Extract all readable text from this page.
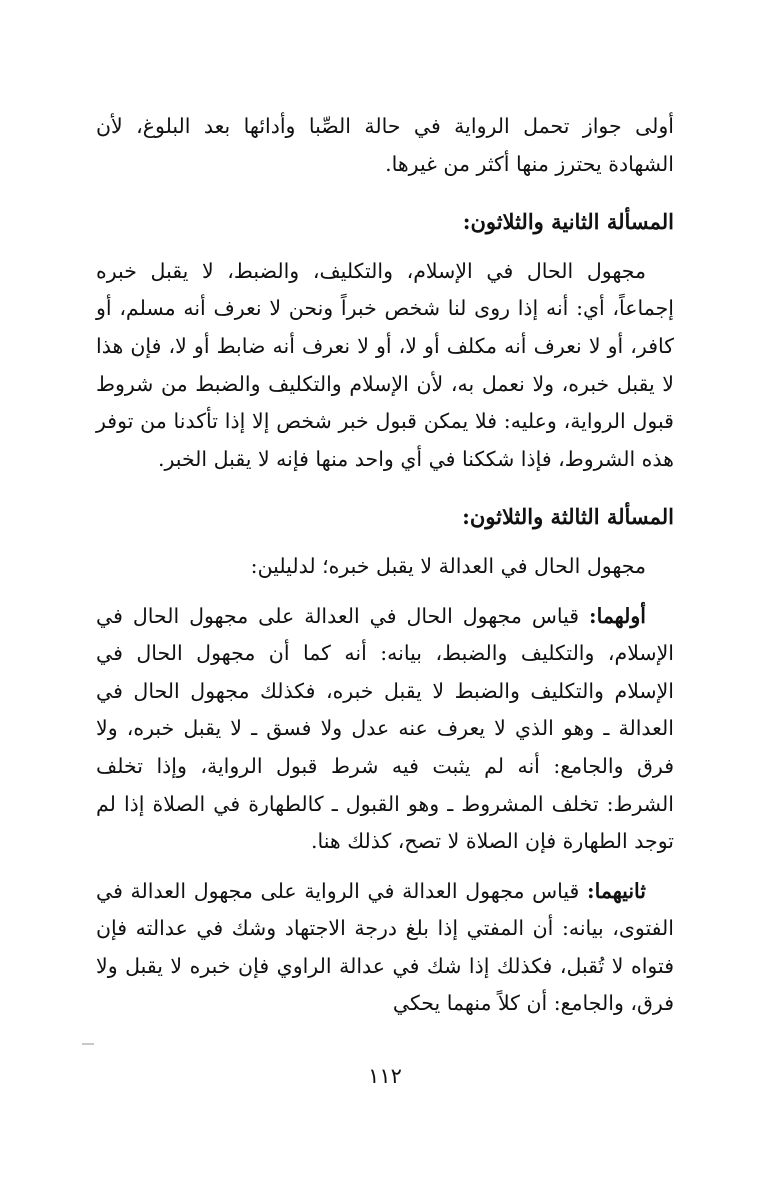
أولى جواز تحمل الرواية في حالة الصِّبا وأدائها بعد البلوغ، لأن الشهادة يحترز منها أكثر من غيرها.

المسألة الثانية والثلاثون:

مجهول الحال في الإسلام، والتكليف، والضبط، لا يقبل خبره إجماعاً، أي: أنه إذا روى لنا شخص خبراً ونحن لا نعرف أنه مسلم، أو كافر، أو لا نعرف أنه مكلف أو لا، أو لا نعرف أنه ضابط أو لا، فإن هذا لا يقبل خبره، ولا نعمل به، لأن الإسلام والتكليف والضبط من شروط قبول الرواية، وعليه: فلا يمكن قبول خبر شخص إلا إذا تأكدنا من توفر هذه الشروط، فإذا شككنا في أي واحد منها فإنه لا يقبل الخبر.

المسألة الثالثة والثلاثون:

مجهول الحال في العدالة لا يقبل خبره؛ لدليلين:

أولهما: قياس مجهول الحال في العدالة على مجهول الحال في الإسلام، والتكليف والضبط، بيانه: أنه كما أن مجهول الحال في الإسلام والتكليف والضبط لا يقبل خبره، فكذلك مجهول الحال في العدالة ـ وهو الذي لا يعرف عنه عدل ولا فسق ـ لا يقبل خبره، ولا فرق والجامع: أنه لم يثبت فيه شرط قبول الرواية، وإذا تخلف الشرط: تخلف المشروط ـ وهو القبول ـ كالطهارة في الصلاة إذا لم توجد الطهارة فإن الصلاة لا تصح، كذلك هنا.

ثانيهما: قياس مجهول العدالة في الرواية على مجهول العدالة في الفتوى، بيانه: أن المفتي إذا بلغ درجة الاجتهاد وشك في عدالته فإن فتواه لا تُقبل، فكذلك إذا شك في عدالة الراوي فإن خبره لا يقبل ولا فرق، والجامع: أن كلاً منهما يحكي

١١٢
